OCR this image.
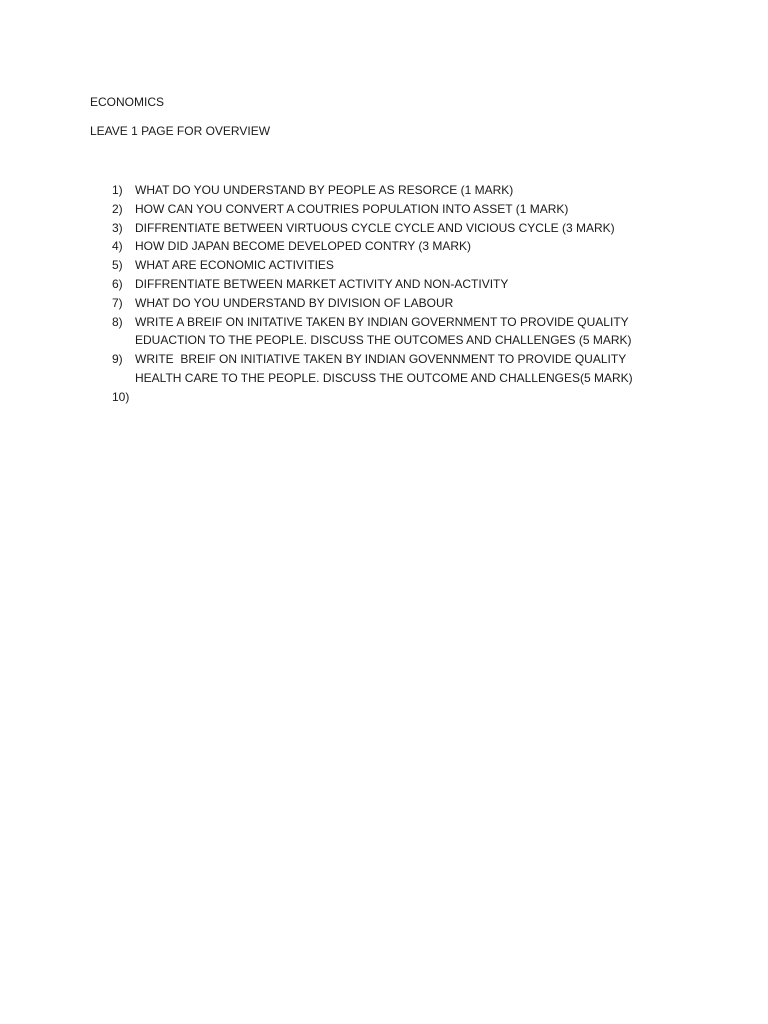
ECONOMICS
LEAVE 1 PAGE FOR OVERVIEW
1)	WHAT DO YOU UNDERSTAND BY PEOPLE AS RESORCE (1 MARK)
2)	HOW CAN YOU CONVERT A COUTRIES POPULATION INTO ASSET (1 MARK)
3)	DIFFRENTIATE BETWEEN VIRTUOUS CYCLE CYCLE AND VICIOUS CYCLE (3 MARK)
4)	HOW DID JAPAN BECOME DEVELOPED CONTRY (3 MARK)
5)	WHAT ARE ECONOMIC ACTIVITIES
6)	DIFFRENTIATE BETWEEN MARKET ACTIVITY AND NON-ACTIVITY
7)	WHAT DO YOU UNDERSTAND BY DIVISION OF LABOUR
8)	WRITE A BREIF ON INITATIVE TAKEN BY INDIAN GOVERNMENT TO PROVIDE QUALITY EDUACTION TO THE PEOPLE. DISCUSS THE OUTCOMES AND CHALLENGES (5 MARK)
9)	WRITE  BREIF ON INITIATIVE TAKEN BY INDIAN GOVENNMENT TO PROVIDE QUALITY HEALTH CARE TO THE PEOPLE. DISCUSS THE OUTCOME AND CHALLENGES(5 MARK)
10)
